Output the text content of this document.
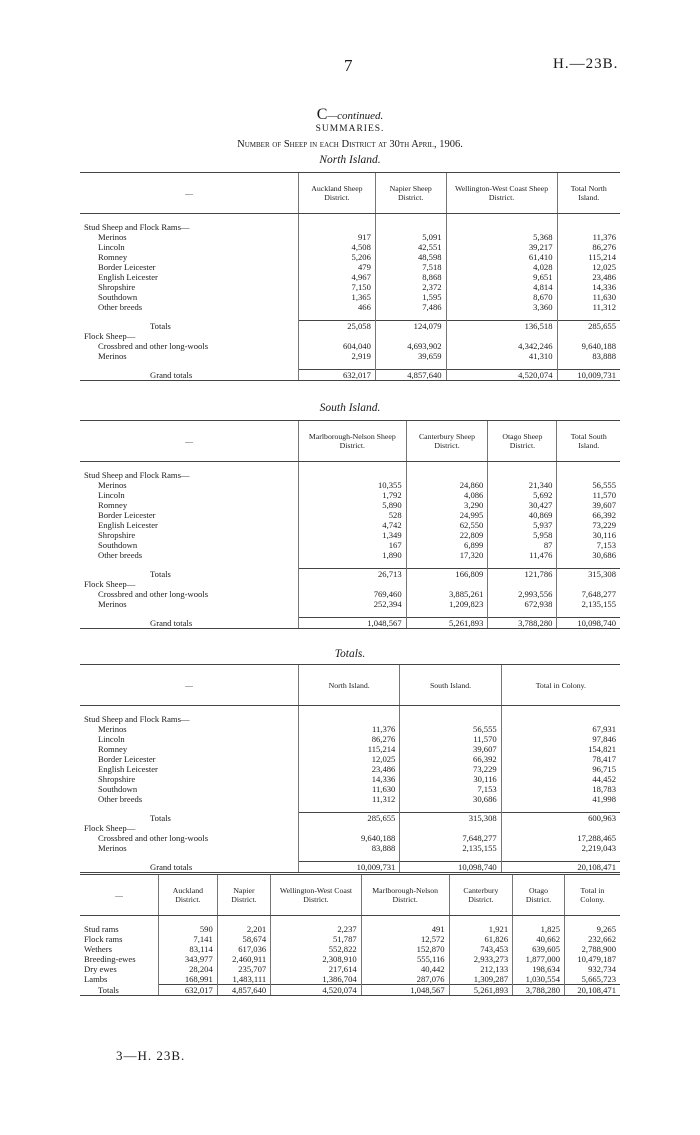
7	H.—23B.
C—continued.
SUMMARIES.
Number of Sheep in each District at 30th April, 1906.
North Island.
—	Auckland Sheep District.	Napier Sheep District.	Wellington-West Coast Sheep District.	Total North Island.

Stud Sheep and Flock Rams—				
Merinos	917	5,091	5,368	11,376
Lincoln	4,508	42,551	39,217	86,276
Romney	5,206	48,598	61,410	115,214
Border Leicester	479	7,518	4,028	12,025
English Leicester	4,967	8,868	9,651	23,486
Shropshire	7,150	2,372	4,814	14,336
Southdown	1,365	1,595	8,670	11,630
Other breeds	466	7,486	3,360	11,312

Totals	25,058	124,079	136,518	285,655
Flock Sheep—				
Crossbred and other long-wools	604,040	4,693,902	4,342,246	9,640,188
Merinos	2,919	39,659	41,310	83,888

Grand totals	632,017	4,857,640	4,520,074	10,009,731
South Island.
—	Marlborough-Nelson Sheep District.	Canterbury Sheep District.	Otago Sheep District.	Total South Island.

Stud Sheep and Flock Rams—				
Merinos	10,355	24,860	21,340	56,555
Lincoln	1,792	4,086	5,692	11,570
Romney	5,890	3,290	30,427	39,607
Border Leicester	528	24,995	40,869	66,392
English Leicester	4,742	62,550	5,937	73,229
Shropshire	1,349	22,809	5,958	30,116
Southdown	167	6,899	87	7,153
Other breeds	1,890	17,320	11,476	30,686

Totals	26,713	166,809	121,786	315,308
Flock Sheep—				
Crossbred and other long-wools	769,460	3,885,261	2,993,556	7,648,277
Merinos	252,394	1,209,823	672,938	2,135,155

Grand totals	1,048,567	5,261,893	3,788,280	10,098,740
Totals.
—	North Island.	South Island.	Total in Colony.

Stud Sheep and Flock Rams—			
Merinos	11,376	56,555	67,931
Lincoln	86,276	11,570	97,846
Romney	115,214	39,607	154,821
Border Leicester	12,025	66,392	78,417
English Leicester	23,486	73,229	96,715
Shropshire	14,336	30,116	44,452
Southdown	11,630	7,153	18,783
Other breeds	11,312	30,686	41,998

Totals	285,655	315,308	600,963
Flock Sheep—			
Crossbred and other long-wools	9,640,188	7,648,277	17,288,465
Merinos	83,888	2,135,155	2,219,043

Grand totals	10,009,731	10,098,740	20,108,471
—	Auckland District.	Napier District.	Wellington-West Coast District.	Marlborough-Nelson District.	Canterbury District.	Otago District.	Total in Colony.

Stud rams	590	2,201	2,237	491	1,921	1,825	9,265
Flock rams	7,141	58,674	51,787	12,572	61,826	40,662	232,662
Wethers	83,114	617,036	552,822	152,870	743,453	639,605	2,788,900
Breeding-ewes	343,977	2,460,911	2,308,910	555,116	2,933,273	1,877,000	10,479,187
Dry ewes	28,204	235,707	217,614	40,442	212,133	198,634	932,734
Lambs	168,991	1,483,111	1,386,704	287,076	1,309,287	1,030,554	5,665,723
Totals	632,017	4,857,640	4,520,074	1,048,567	5,261,893	3,788,280	20,108,471
3—H. 23B.
